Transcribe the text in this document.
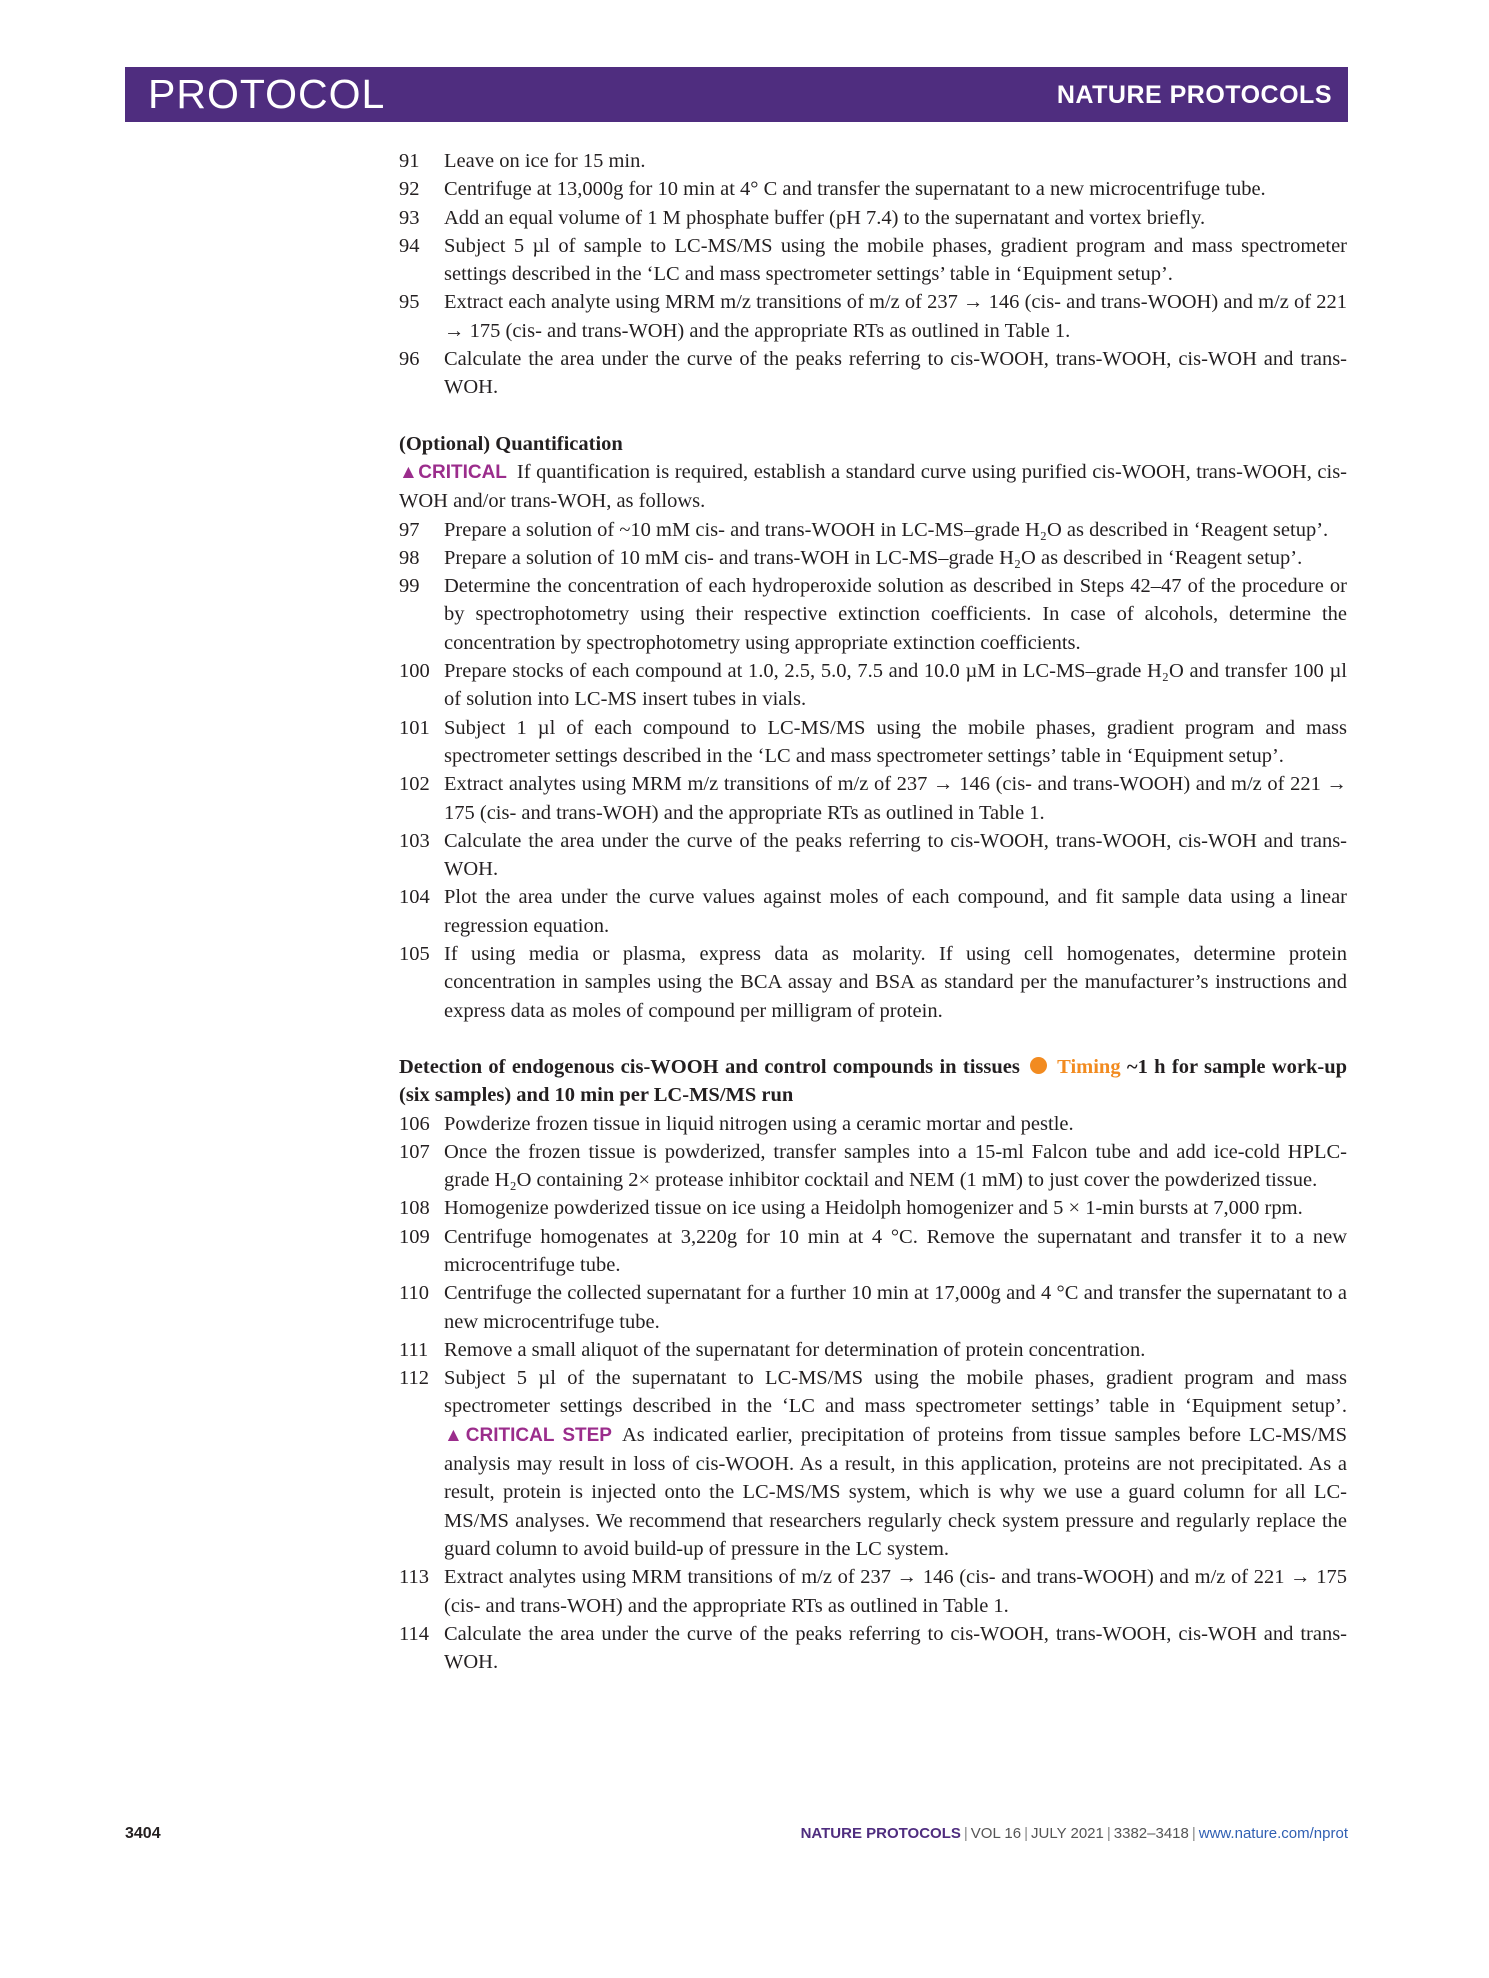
PROTOCOL	NATURE PROTOCOLS
91 Leave on ice for 15 min.
92 Centrifuge at 13,000g for 10 min at 4° C and transfer the supernatant to a new microcentrifuge tube.
93 Add an equal volume of 1 M phosphate buffer (pH 7.4) to the supernatant and vortex briefly.
94 Subject 5 µl of sample to LC-MS/MS using the mobile phases, gradient program and mass spectrometer settings described in the ‘LC and mass spectrometer settings’ table in ‘Equipment setup’.
95 Extract each analyte using MRM m/z transitions of m/z of 237 → 146 (cis- and trans-WOOH) and m/z of 221 → 175 (cis- and trans-WOH) and the appropriate RTs as outlined in Table 1.
96 Calculate the area under the curve of the peaks referring to cis-WOOH, trans-WOOH, cis-WOH and trans-WOH.
(Optional) Quantification
▲CRITICAL If quantification is required, establish a standard curve using purified cis-WOOH, trans-WOOH, cis-WOH and/or trans-WOH, as follows.
97 Prepare a solution of ~10 mM cis- and trans-WOOH in LC-MS–grade H₂O as described in ‘Reagent setup’.
98 Prepare a solution of 10 mM cis- and trans-WOH in LC-MS–grade H₂O as described in ‘Reagent setup’.
99 Determine the concentration of each hydroperoxide solution as described in Steps 42–47 of the procedure or by spectrophotometry using their respective extinction coefficients. In case of alcohols, determine the concentration by spectrophotometry using appropriate extinction coefficients.
100 Prepare stocks of each compound at 1.0, 2.5, 5.0, 7.5 and 10.0 µM in LC-MS–grade H₂O and transfer 100 µl of solution into LC-MS insert tubes in vials.
101 Subject 1 µl of each compound to LC-MS/MS using the mobile phases, gradient program and mass spectrometer settings described in the ‘LC and mass spectrometer settings’ table in ‘Equipment setup’.
102 Extract analytes using MRM m/z transitions of m/z of 237 → 146 (cis- and trans-WOOH) and m/z of 221 → 175 (cis- and trans-WOH) and the appropriate RTs as outlined in Table 1.
103 Calculate the area under the curve of the peaks referring to cis-WOOH, trans-WOOH, cis-WOH and trans-WOH.
104 Plot the area under the curve values against moles of each compound, and fit sample data using a linear regression equation.
105 If using media or plasma, express data as molarity. If using cell homogenates, determine protein concentration in samples using the BCA assay and BSA as standard per the manufacturer’s instructions and express data as moles of compound per milligram of protein.
Detection of endogenous cis-WOOH and control compounds in tissues Timing ~1 h for sample work-up (six samples) and 10 min per LC-MS/MS run
106 Powderize frozen tissue in liquid nitrogen using a ceramic mortar and pestle.
107 Once the frozen tissue is powderized, transfer samples into a 15-ml Falcon tube and add ice-cold HPLC-grade H₂O containing 2× protease inhibitor cocktail and NEM (1 mM) to just cover the powderized tissue.
108 Homogenize powderized tissue on ice using a Heidolph homogenizer and 5 × 1-min bursts at 7,000 rpm.
109 Centrifuge homogenates at 3,220g for 10 min at 4 °C. Remove the supernatant and transfer it to a new microcentrifuge tube.
110 Centrifuge the collected supernatant for a further 10 min at 17,000g and 4 °C and transfer the supernatant to a new microcentrifuge tube.
111 Remove a small aliquot of the supernatant for determination of protein concentration.
112 Subject 5 µl of the supernatant to LC-MS/MS using the mobile phases, gradient program and mass spectrometer settings described in the ‘LC and mass spectrometer settings’ table in ‘Equipment setup’. ▲CRITICAL STEP As indicated earlier, precipitation of proteins from tissue samples before LC-MS/MS analysis may result in loss of cis-WOOH. As a result, in this application, proteins are not precipitated. As a result, protein is injected onto the LC-MS/MS system, which is why we use a guard column for all LC-MS/MS analyses. We recommend that researchers regularly check system pressure and regularly replace the guard column to avoid build-up of pressure in the LC system.
113 Extract analytes using MRM transitions of m/z of 237 → 146 (cis- and trans-WOOH) and m/z of 221 → 175 (cis- and trans-WOH) and the appropriate RTs as outlined in Table 1.
114 Calculate the area under the curve of the peaks referring to cis-WOOH, trans-WOOH, cis-WOH and trans-WOH.
3404	NATURE PROTOCOLS | VOL 16 | JULY 2021 | 3382–3418 | www.nature.com/nprot
